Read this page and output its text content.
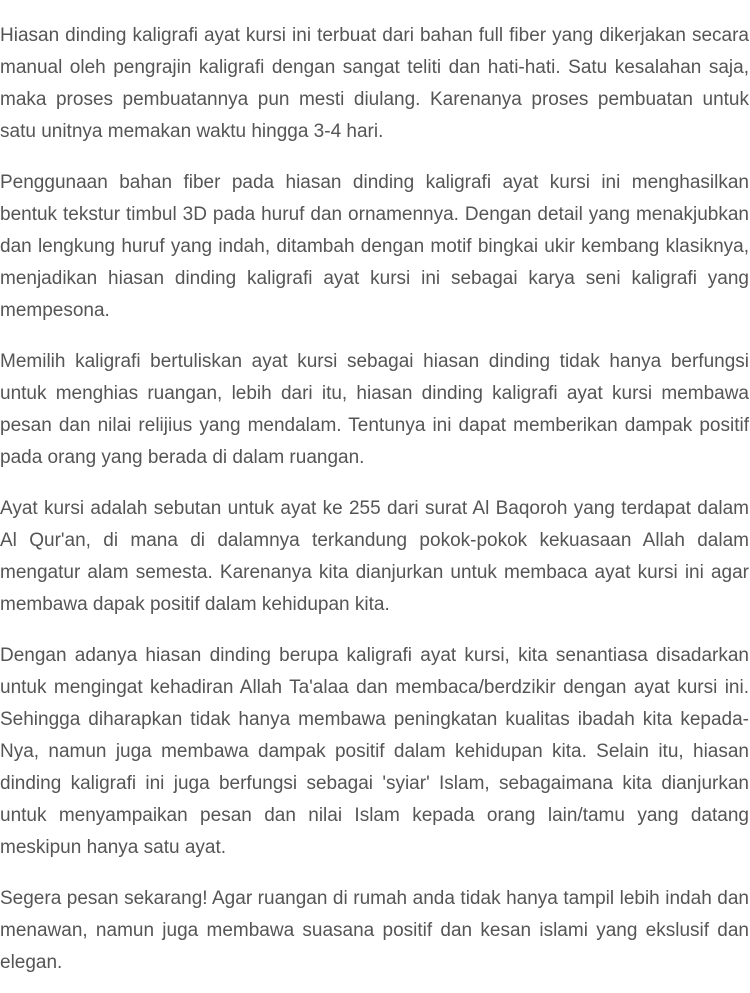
Hiasan dinding kaligrafi ayat kursi ini terbuat dari bahan full fiber yang dikerjakan secara manual oleh pengrajin kaligrafi dengan sangat teliti dan hati-hati. Satu kesalahan saja, maka proses pembuatannya pun mesti diulang. Karenanya proses pembuatan untuk satu unitnya memakan waktu hingga 3-4 hari.

Penggunaan bahan fiber pada hiasan dinding kaligrafi ayat kursi ini menghasilkan bentuk tekstur timbul 3D pada huruf dan ornamennya. Dengan detail yang menakjubkan dan lengkung huruf yang indah, ditambah dengan motif bingkai ukir kembang klasiknya, menjadikan hiasan dinding kaligrafi ayat kursi ini sebagai karya seni kaligrafi yang mempesona.

Memilih kaligrafi bertuliskan ayat kursi sebagai hiasan dinding tidak hanya berfungsi untuk menghias ruangan, lebih dari itu, hiasan dinding kaligrafi ayat kursi membawa pesan dan nilai relijius yang mendalam. Tentunya ini dapat memberikan dampak positif pada orang yang berada di dalam ruangan.

Ayat kursi adalah sebutan untuk ayat ke 255 dari surat Al Baqoroh yang terdapat dalam Al Qur'an, di mana di dalamnya terkandung pokok-pokok kekuasaan Allah dalam mengatur alam semesta. Karenanya kita dianjurkan untuk membaca ayat kursi ini agar membawa dapak positif dalam kehidupan kita.

Dengan adanya hiasan dinding berupa kaligrafi ayat kursi, kita senantiasa disadarkan untuk mengingat kehadiran Allah Ta'alaa dan membaca/berdzikir dengan ayat kursi ini. Sehingga diharapkan tidak hanya membawa peningkatan kualitas ibadah kita kepada-Nya, namun juga membawa dampak positif dalam kehidupan kita. Selain itu, hiasan dinding kaligrafi ini juga berfungsi sebagai 'syiar' Islam, sebagaimana kita dianjurkan untuk menyampaikan pesan dan nilai Islam kepada orang lain/tamu yang datang meskipun hanya satu ayat.

Segera pesan sekarang! Agar ruangan di rumah anda tidak hanya tampil lebih indah dan menawan, namun juga membawa suasana positif dan kesan islami yang ekslusif dan elegan.
